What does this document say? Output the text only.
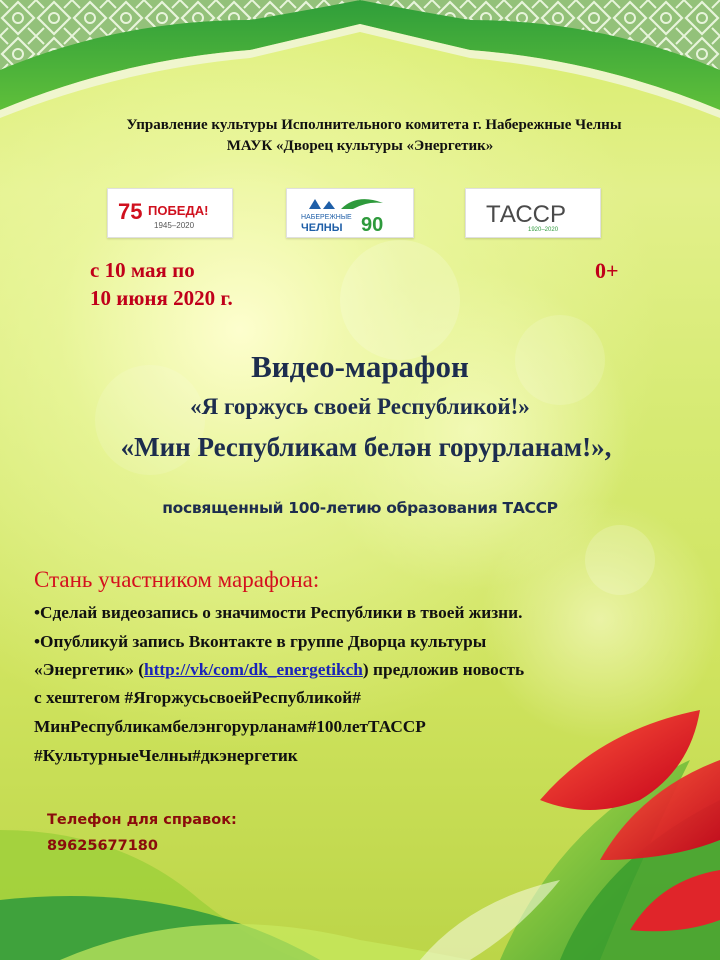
Управление культуры Исполнительного комитета г. Набережные Челны
МАУК «Дворец культуры «Энергетик»
75 ПОБЕДА!
1945–2020
НАБЕРЕЖНЫЕ
ЧЕЛНЫ 90	ТАССР
1920–2020
с 10 мая по
10 июня 2020 г.
0+
Видео-марафон
«Я горжусь своей Республикой!»
«Мин Республикам белән горурланам!»,
посвященный 100-летию образования ТАССР
Стань участником марафона:
•Сделай видеозапись о значимости Республики в твоей жизни.
•Опубликуй запись Вконтакте в группе Дворца культуры
«Энергетик» (http://vk/com/dk_energetikch) предложив новость
с хештегом #ЯгоржусьсвоейРеспубликой#
МинРеспубликамбелэнгорурланам#100летТАССР
#КультурныеЧелны#дкэнергетик
Телефон для справок:
89625677180
